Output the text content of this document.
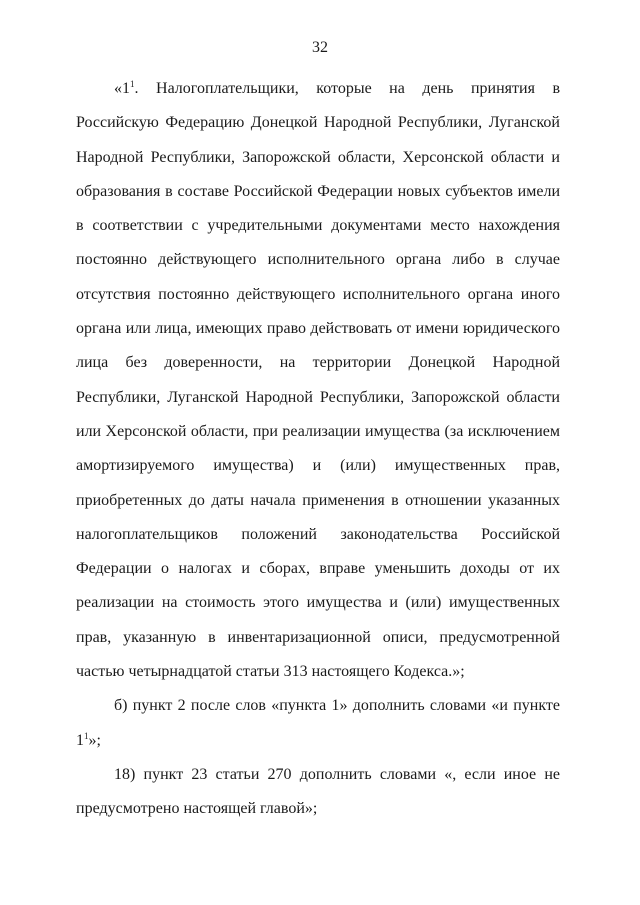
32

«$1^1$. Налогоплательщики, которые на день принятия в Российскую Федерацию Донецкой Народной Республики, Луганской Народной Республики, Запорожской области, Херсонской области и образования в составе Российской Федерации новых субъектов имели в соответствии с учредительными документами место нахождения постоянно действующего исполнительного органа либо в случае отсутствия постоянно действующего исполнительного органа иного органа или лица, имеющих право действовать от имени юридического лица без доверенности, на территории Донецкой Народной Республики, Луганской Народной Республики, Запорожской области или Херсонской области, при реализации имущества (за исключением амортизируемого имущества) и (или) имущественных прав, приобретенных до даты начала применения в отношении указанных налогоплательщиков положений законодательства Российской Федерации о налогах и сборах, вправе уменьшить доходы от их реализации на стоимость этого имущества и (или) имущественных прав, указанную в инвентаризационной описи, предусмотренной частью четырнадцатой статьи 313 настоящего Кодекса.»;

б) пункт 2 после слов «пункта 1» дополнить словами «и пункте $1^1$»;

18) пункт 23 статьи 270 дополнить словами «, если иное не предусмотрено настоящей главой»;
